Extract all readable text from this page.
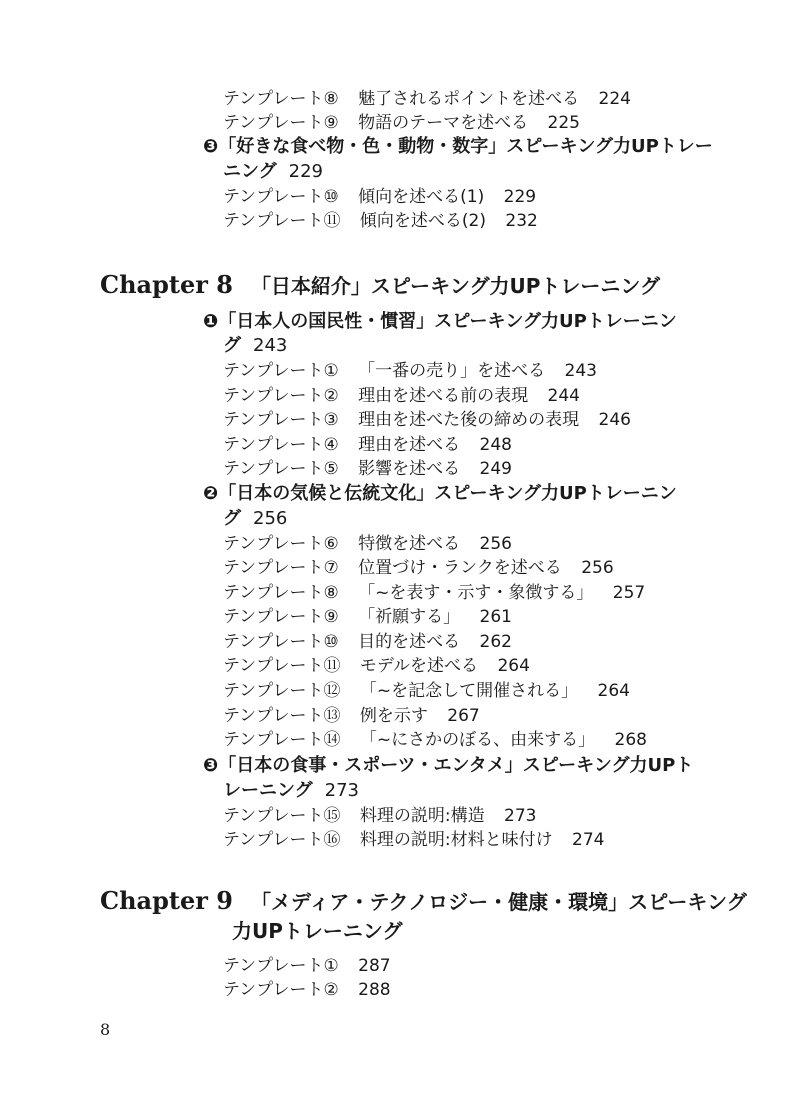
テンプレート⑧ 魅了されるポイントを述べる 224
テンプレート⑨ 物語のテーマを述べる 225
❸「好きな食べ物・色・動物・数字」スピーキング力UPトレー
ニング 229
テンプレート⑩ 傾向を述べる(1) 229
テンプレート⑪ 傾向を述べる(2) 232
Chapter 8 「日本紹介」スピーキング力UPトレーニング
❶「日本人の国民性・慣習」スピーキング力UPトレーニン
グ 243
テンプレート① 「一番の売り」を述べる 243
テンプレート② 理由を述べる前の表現 244
テンプレート③ 理由を述べた後の締めの表現 246
テンプレート④ 理由を述べる 248
テンプレート⑤ 影響を述べる 249
❷「日本の気候と伝統文化」スピーキング力UPトレーニン
グ 256
テンプレート⑥ 特徴を述べる 256
テンプレート⑦ 位置づけ・ランクを述べる 256
テンプレート⑧ 「~を表す・示す・象徴する」 257
テンプレート⑨ 「祈願する」 261
テンプレート⑩ 目的を述べる 262
テンプレート⑪ モデルを述べる 264
テンプレート⑫ 「~を記念して開催される」 264
テンプレート⑬ 例を示す 267
テンプレート⑭ 「~にさかのぼる、由来する」 268
❸「日本の食事・スポーツ・エンタメ」スピーキング力UPト
レーニング 273
テンプレート⑮ 料理の説明:構造 273
テンプレート⑯ 料理の説明:材料と味付け 274
Chapter 9 「メディア・テクノロジー・健康・環境」スピーキング
力UPトレーニング
テンプレート① 287
テンプレート② 288
8
